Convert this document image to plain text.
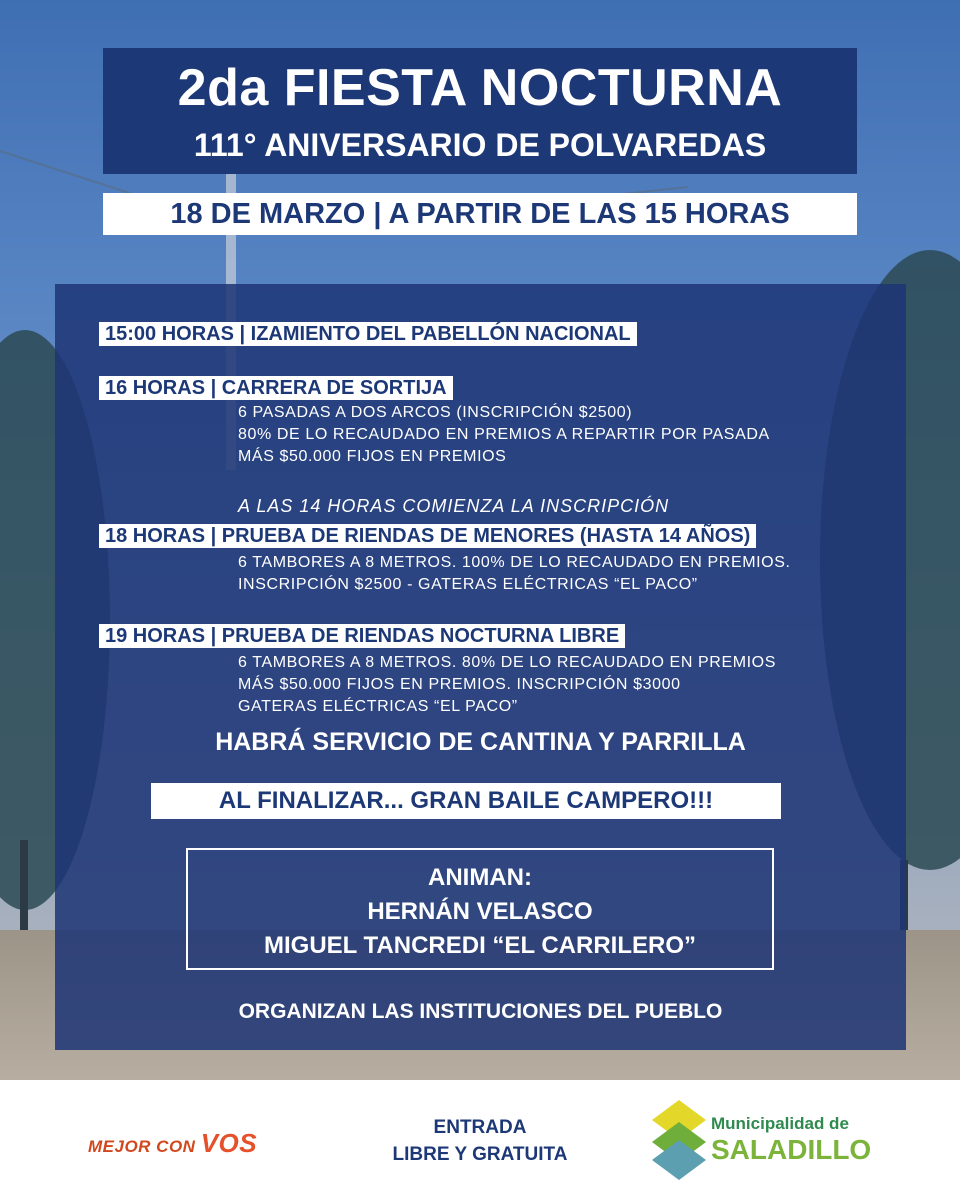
2da FIESTA NOCTURNA
111° ANIVERSARIO DE POLVAREDAS
18 DE MARZO | A PARTIR DE LAS 15 HORAS
15:00 HORAS | IZAMIENTO DEL PABELLÓN NACIONAL
16 HORAS | CARRERA DE SORTIJA
6 PASADAS A DOS ARCOS (INSCRIPCIÓN $2500)
80% DE LO RECAUDADO EN PREMIOS A REPARTIR POR PASADA
MÁS $50.000 FIJOS EN PREMIOS
A LAS 14 HORAS COMIENZA LA INSCRIPCIÓN
18 HORAS | PRUEBA DE RIENDAS DE MENORES (HASTA 14 AÑOS)
6 TAMBORES A 8 METROS. 100% DE LO RECAUDADO EN PREMIOS.
INSCRIPCIÓN $2500 - GATERAS ELÉCTRICAS “EL PACO”
19 HORAS | PRUEBA DE RIENDAS NOCTURNA LIBRE
6 TAMBORES A 8 METROS. 80% DE LO RECAUDADO EN PREMIOS
MÁS $50.000 FIJOS EN PREMIOS. INSCRIPCIÓN $3000
GATERAS ELÉCTRICAS “EL PACO”
HABRÁ SERVICIO DE CANTINA Y PARRILLA
AL FINALIZAR... GRAN BAILE CAMPERO!!!
ANIMAN:
HERNÁN VELASCO
MIGUEL TANCREDI “EL CARRILERO”
ORGANIZAN LAS INSTITUCIONES DEL PUEBLO
MEJOR CON VOS
ENTRADA
LIBRE Y GRATUITA
Municipalidad de
SALADILLO
